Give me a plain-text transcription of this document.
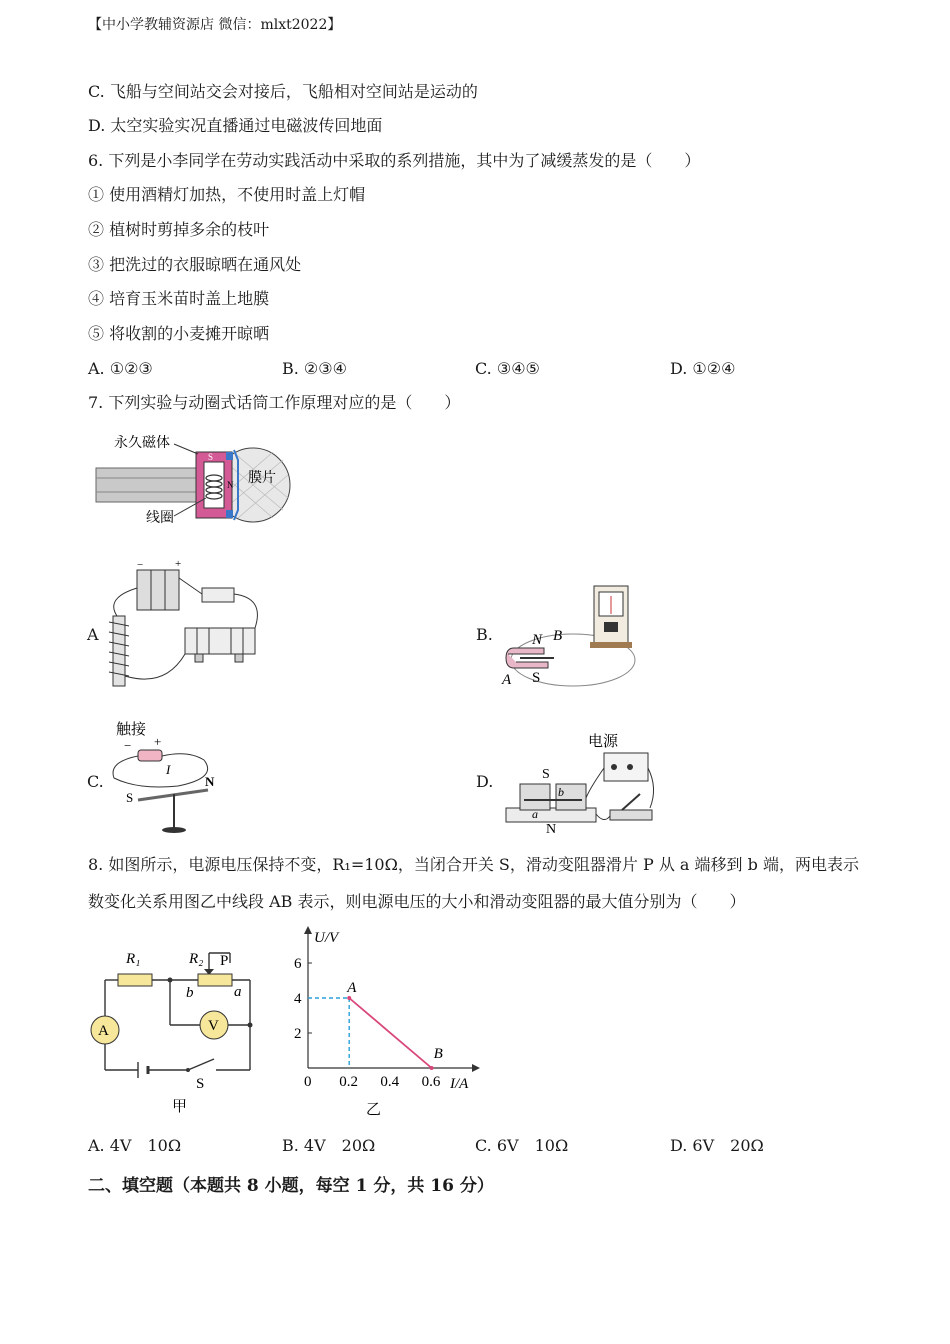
【中小学教辅资源店 微信：mlxt2022】
C. 飞船与空间站交会对接后，飞船相对空间站是运动的
D. 太空实验实况直播通过电磁波传回地面
6. 下列是小李同学在劳动实践活动中采取的系列措施，其中为了减缓蒸发的是（　　）
① 使用酒精灯加热，不使用时盖上灯帽
② 植树时剪掉多余的枝叶
③ 把洗过的衣服晾晒在通风处
④ 培育玉米苗时盖上地膜
⑤ 将收割的小麦摊开晾晒
A. ①②③	B. ②③④	C. ③④⑤	D. ①②④
7. 下列实验与动圈式话筒工作原理对应的是（　　）
S
N
永久磁体
膜片
线圈
A
−	+
B.	N B
A S
C.
触接
− +
I
N
S
D.
电源
S
N
a
b
8. 如图所示，电源电压保持不变，R₁=10Ω，当闭合开关 S，滑动变阻器滑片 P 从 a 端移到 b 端，两电表示
数变化关系用图乙中线段 AB 表示，则电源电压的大小和滑动变阻器的最大值分别为（　　）
A	V
R₁	R₂ P
b	a
S
甲
U/V
I/A
乙
0 0.2 0.4 0.6
2
4
6
A
B
A. 4V　10Ω	B. 4V　20Ω	C. 6V　10Ω	D. 6V　20Ω
二、填空题（本题共 8 小题，每空 1 分，共 16 分）
